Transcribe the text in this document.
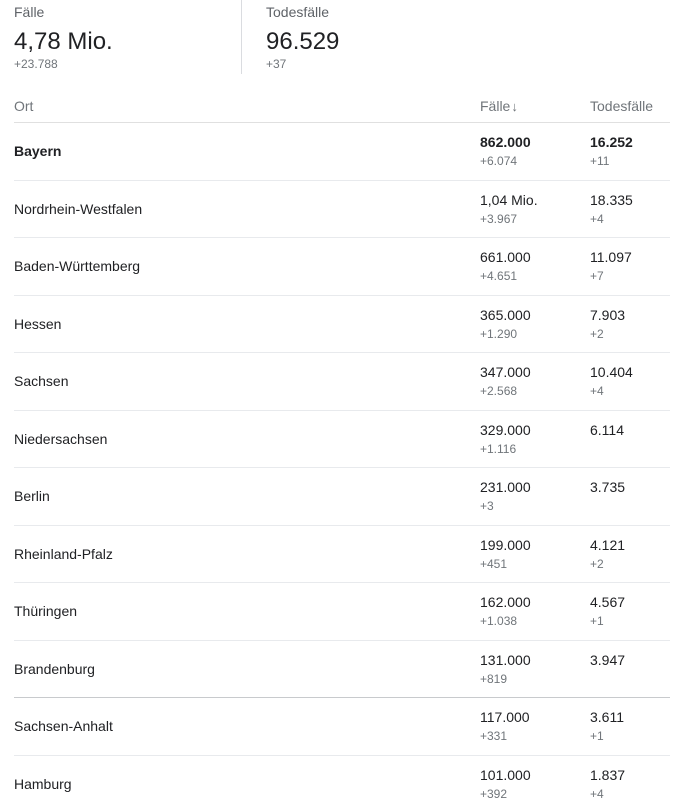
Fälle
4,78 Mio.
+23.788
Todesfälle
96.529
+37
Ort	Fälle↓	Todesfälle
Bayern
862.000
+6.074
16.252
+11
Nordrhein-Westfalen
1,04 Mio.
+3.967
18.335
+4
Baden-Württemberg
661.000
+4.651
11.097
+7
Hessen
365.000
+1.290
7.903
+2
Sachsen
347.000
+2.568
10.404
+4
Niedersachsen
329.000
+1.116
6.114
Berlin
231.000
+3
3.735
Rheinland-Pfalz
199.000
+451
4.121
+2
Thüringen
162.000
+1.038
4.567
+1
Brandenburg
131.000
+819
3.947
Sachsen-Anhalt
117.000
+331
3.611
+1
Hamburg
101.000
+392
1.837
+4
